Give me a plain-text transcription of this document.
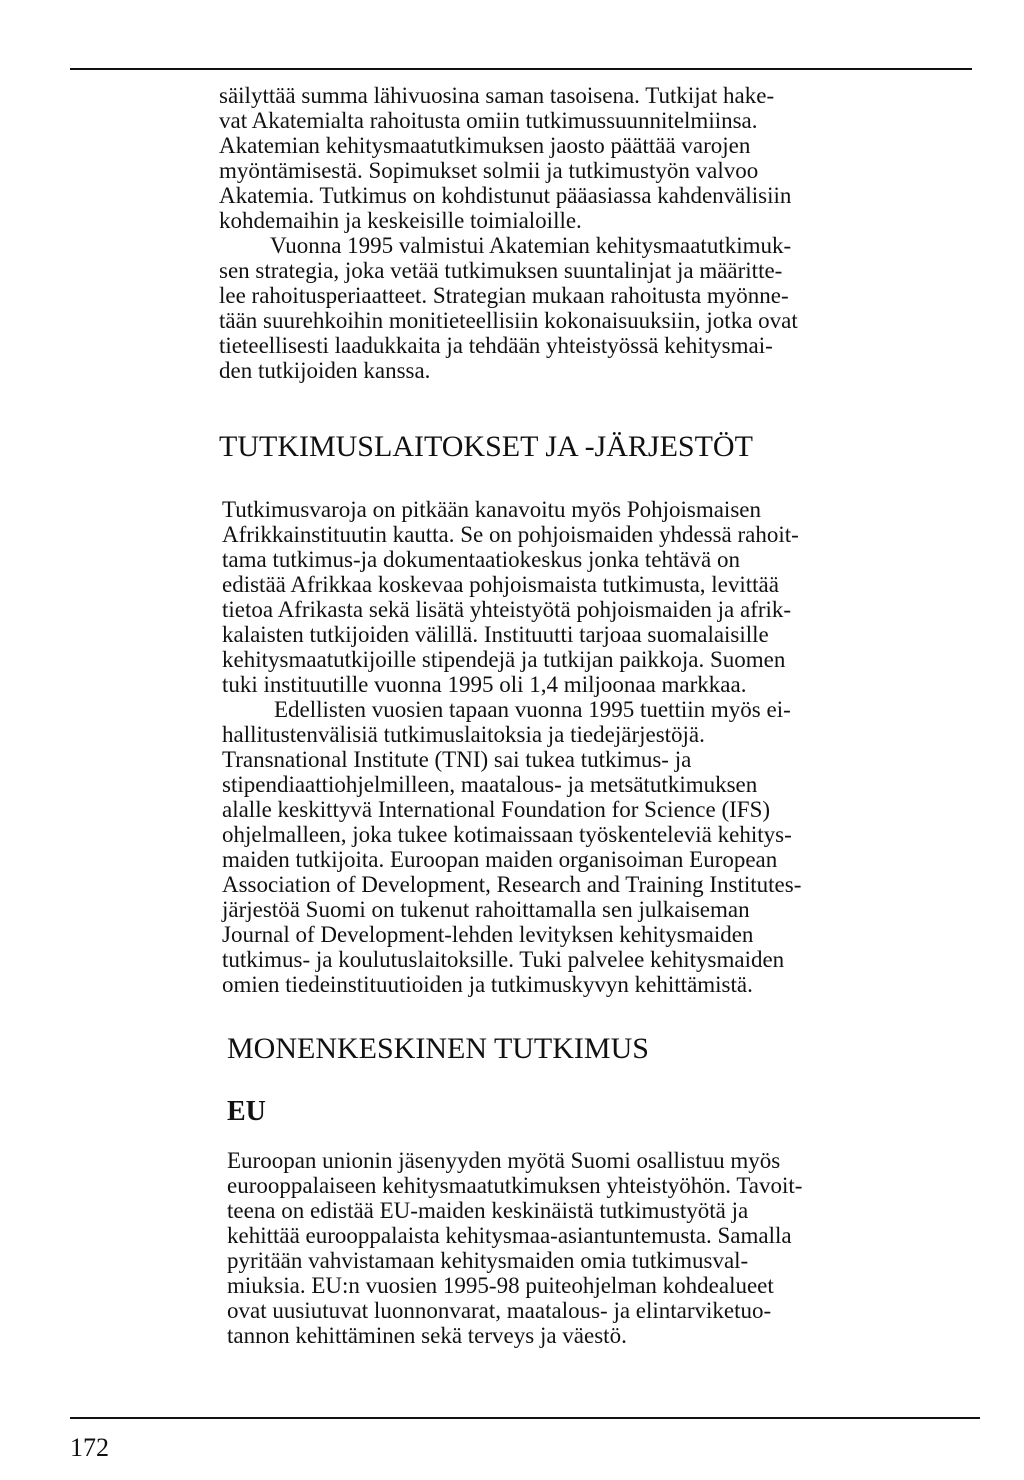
säilyttää summa lähivuosina saman tasoisena. Tutkijat hake-
vat Akatemialta rahoitusta omiin tutkimussuunnitelmiinsa.
Akatemian kehitysmaatutkimuksen jaosto päättää varojen
myöntämisestä. Sopimukset solmii ja tutkimustyön valvoo
Akatemia. Tutkimus on kohdistunut pääasiassa kahdenvälisiin
kohdemaihin ja keskeisille toimialoille.
Vuonna 1995 valmistui Akatemian kehitysmaatutkimuk-
sen strategia, joka vetää tutkimuksen suuntalinjat ja määritte-
lee rahoitusperiaatteet. Strategian mukaan rahoitusta myönne-
tään suurehkoihin monitieteellisiin kokonaisuuksiin, jotka ovat
tieteellisesti laadukkaita ja tehdään yhteistyössä kehitysmai-
den tutkijoiden kanssa.
TUTKIMUSLAITOKSET JA -JÄRJESTÖT
Tutkimusvaroja on pitkään kanavoitu myös Pohjoismaisen
Afrikkainstituutin kautta. Se on pohjoismaiden yhdessä rahoit-
tama tutkimus-ja dokumentaatiokeskus jonka tehtävä on
edistää Afrikkaa koskevaa pohjoismaista tutkimusta, levittää
tietoa Afrikasta sekä lisätä yhteistyötä pohjoismaiden ja afrik-
kalaisten tutkijoiden välillä. Instituutti tarjoaa suomalaisille
kehitysmaatutkijoille stipendejä ja tutkijan paikkoja. Suomen
tuki instituutille vuonna 1995 oli 1,4 miljoonaa markkaa.
Edellisten vuosien tapaan vuonna 1995 tuettiin myös ei-
hallitustenvälisiä tutkimuslaitoksia ja tiedejärjestöjä.
Transnational Institute (TNI) sai tukea tutkimus- ja
stipendiaattiohjelmilleen, maatalous- ja metsätutkimuksen
alalle keskittyvä International Foundation for Science (IFS)
ohjelmalleen, joka tukee kotimaissaan työskenteleviä kehitys-
maiden tutkijoita. Euroopan maiden organisoiman European
Association of Development, Research and Training Institutes-
järjestöä Suomi on tukenut rahoittamalla sen julkaiseman
Journal of Development-lehden levityksen kehitysmaiden
tutkimus- ja koulutuslaitoksille. Tuki palvelee kehitysmaiden
omien tiedeinstituutioiden ja tutkimuskyvyn kehittämistä.
MONENKESKINEN TUTKIMUS
EU
Euroopan unionin jäsenyyden myötä Suomi osallistuu myös
eurooppalaiseen kehitysmaatutkimuksen yhteistyöhön. Tavoit-
teena on edistää EU-maiden keskinäistä tutkimustyötä ja
kehittää eurooppalaista kehitysmaa-asiantuntemusta. Samalla
pyritään vahvistamaan kehitysmaiden omia tutkimusval-
miuksia. EU:n vuosien 1995-98 puiteohjelman kohdealueet
ovat uusiutuvat luonnonvarat, maatalous- ja elintarviketuo-
tannon kehittäminen sekä terveys ja väestö.
172
